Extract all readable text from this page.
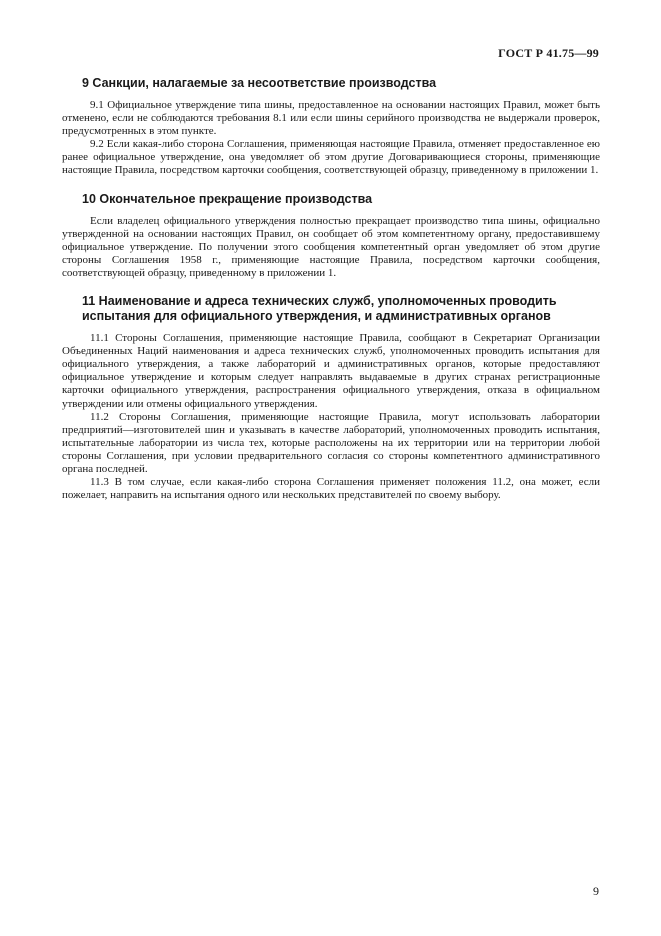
ГОСТ Р 41.75—99
9 Санкции, налагаемые за несоответствие производства

9.1 Официальное утверждение типа шины, предоставленное на основании настоящих Правил, может быть отменено, если не соблюдаются требования 8.1 или если шины серийного производства не выдержали проверок, предусмотренных в этом пункте.

9.2 Если какая-либо сторона Соглашения, применяющая настоящие Правила, отменяет предоставленное ею ранее официальное утверждение, она уведомляет об этом другие Договаривающиеся стороны, применяющие настоящие Правила, посредством карточки сообщения, соответствующей образцу, приведенному в приложении 1.

10 Окончательное прекращение производства

Если владелец официального утверждения полностью прекращает производство типа шины, официально утвержденной на основании настоящих Правил, он сообщает об этом компетентному органу, предоставившему официальное утверждение. По получении этого сообщения компетентный орган уведомляет об этом другие стороны Соглашения 1958 г., применяющие настоящие Правила, посредством карточки сообщения, соответствующей образцу, приведенному в приложении 1.

11 Наименование и адреса технических служб, уполномоченных проводить испытания для официального утверждения, и административных органов

11.1 Стороны Соглашения, применяющие настоящие Правила, сообщают в Секретариат Организации Объединенных Наций наименования и адреса технических служб, уполномоченных проводить испытания для официального утверждения, а также лабораторий и административных органов, которые предоставляют официальное утверждение и которым следует направлять выдаваемые в других странах регистрационные карточки официального утверждения, распространения официального утверждения, отказа в официальном утверждении или отмены официального утверждения.

11.2 Стороны Соглашения, применяющие настоящие Правила, могут использовать лаборатории предприятий—изготовителей шин и указывать в качестве лабораторий, уполномоченных проводить испытания, испытательные лаборатории из числа тех, которые расположены на их территории или на территории любой стороны Соглашения, при условии предварительного согласия со стороны компетентного административного органа последней.

11.3 В том случае, если какая-либо сторона Соглашения применяет положения 11.2, она может, если пожелает, направить на испытания одного или нескольких представителей по своему выбору.

9
